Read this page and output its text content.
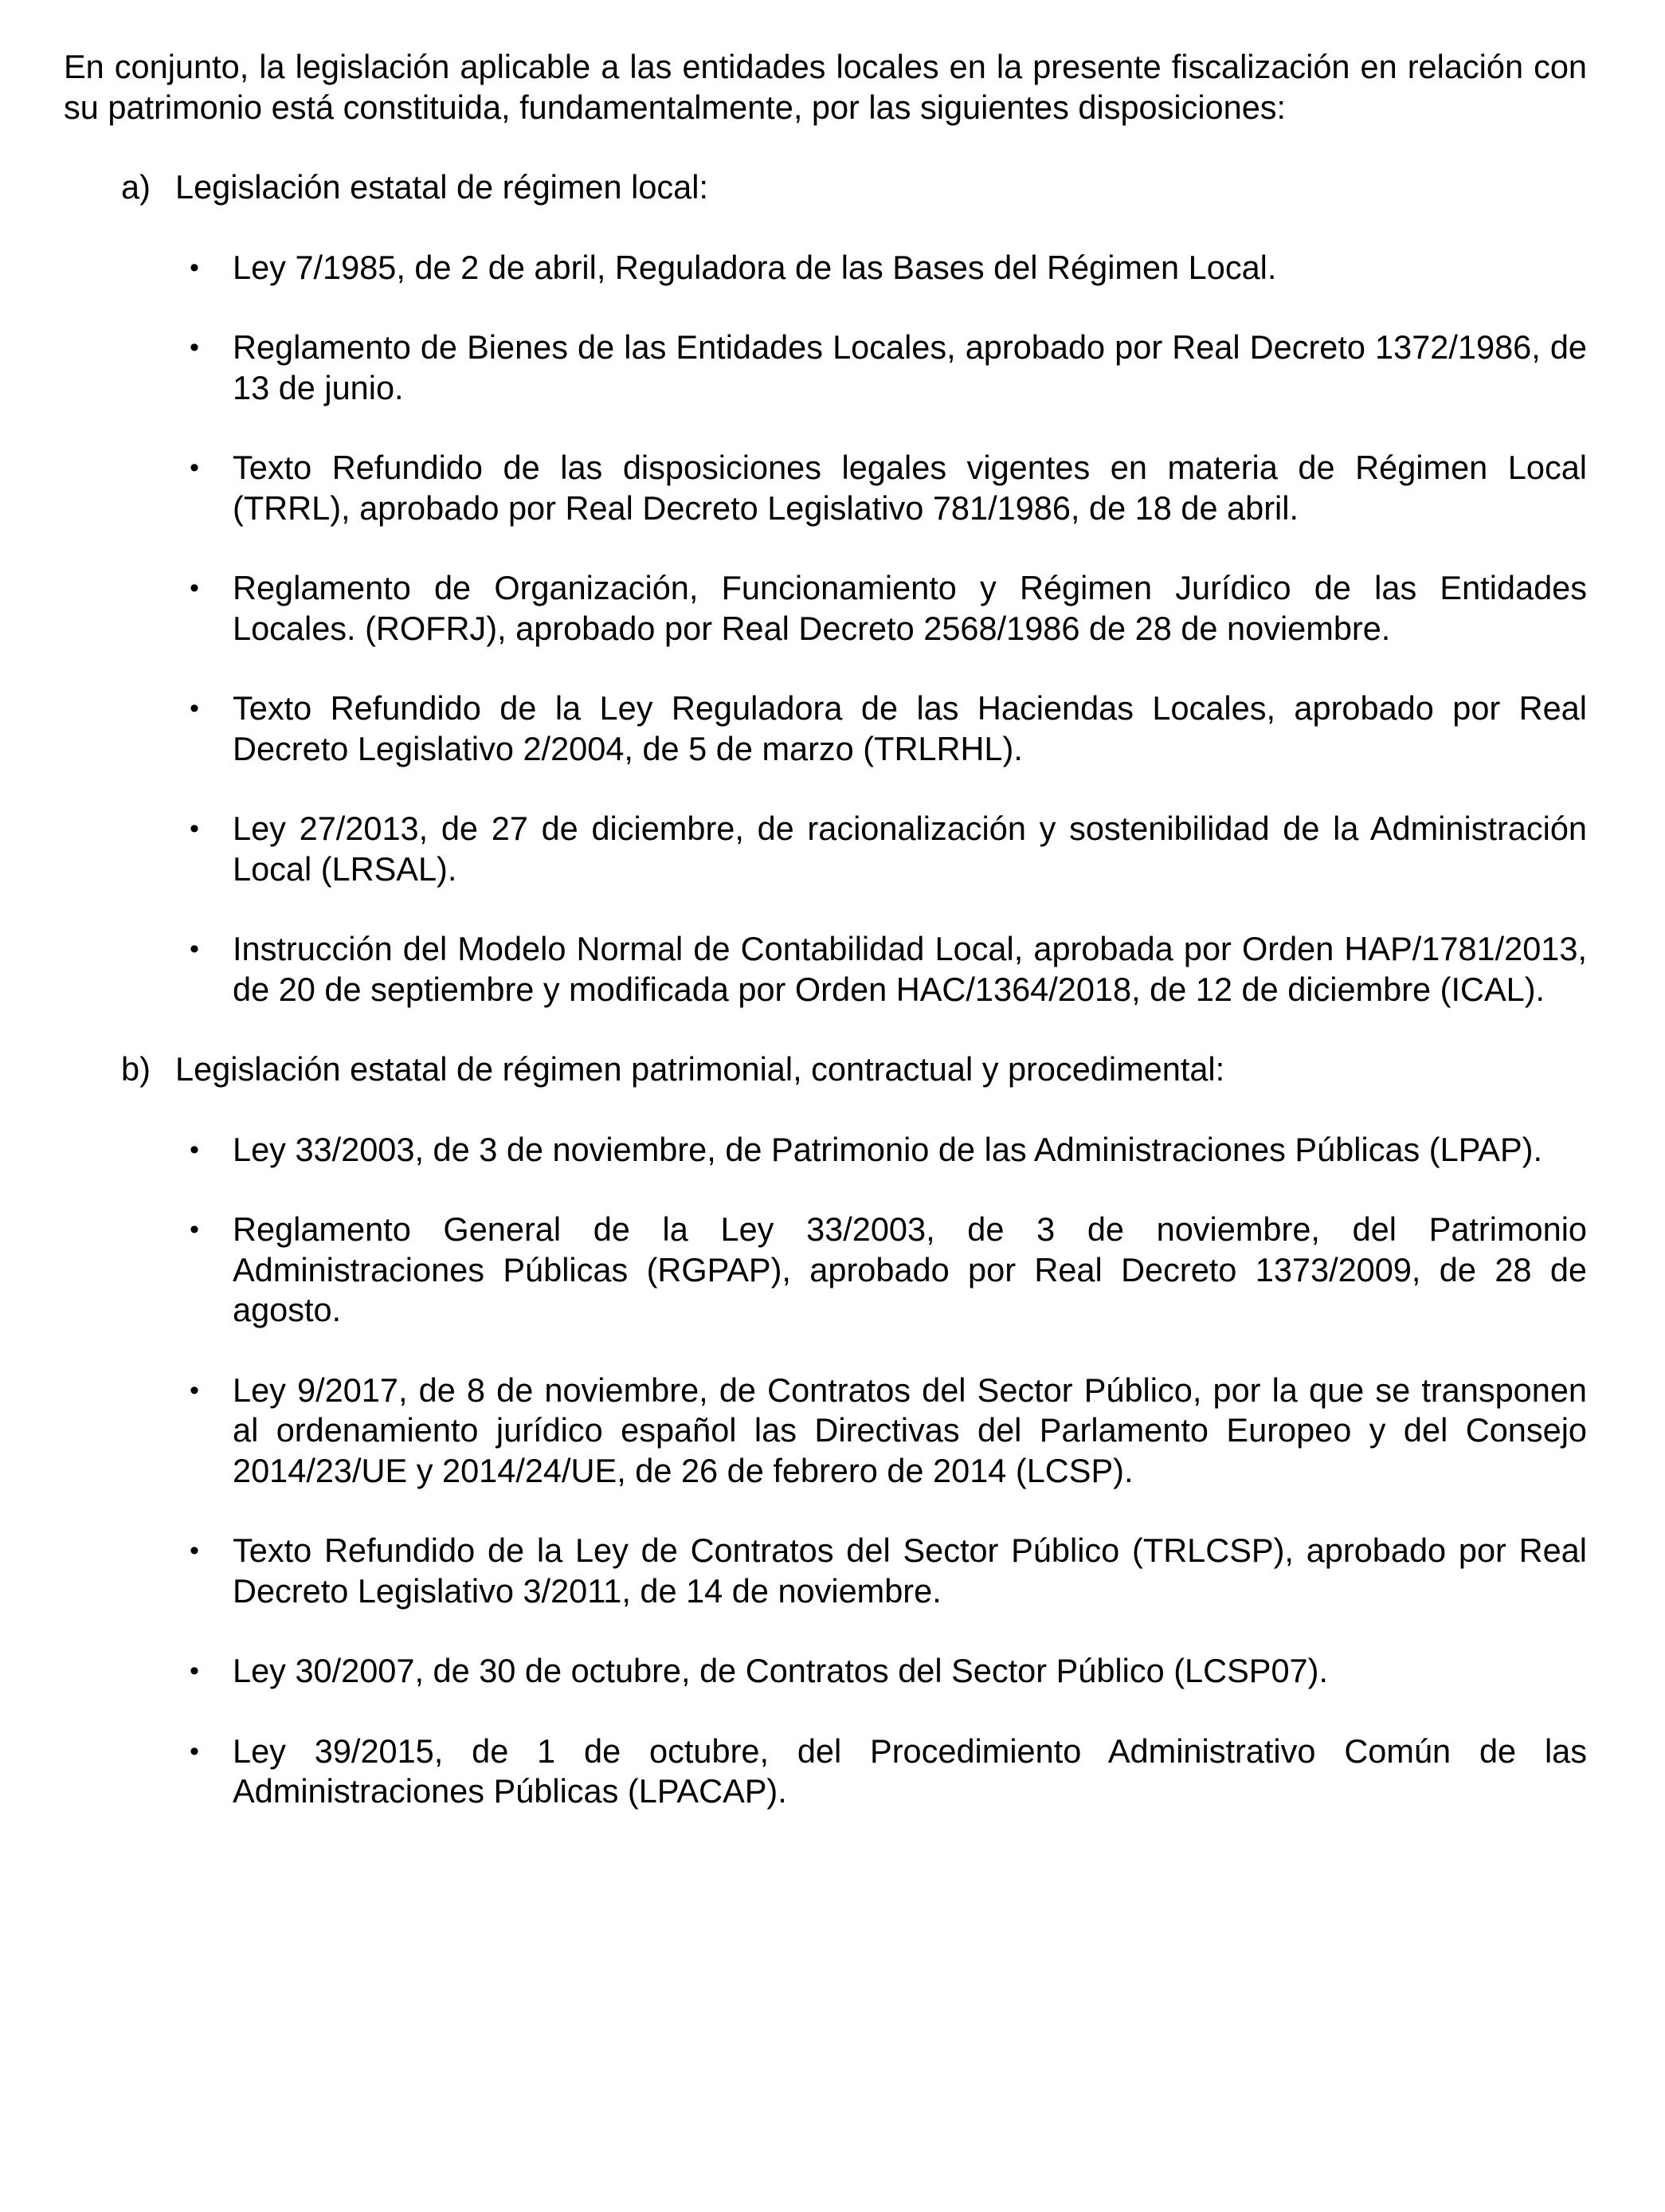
En conjunto, la legislación aplicable a las entidades locales en la presente fiscalización en relación con su patrimonio está constituida, fundamentalmente, por las siguientes disposiciones:

a) Legislación estatal de régimen local:

• Ley 7/1985, de 2 de abril, Reguladora de las Bases del Régimen Local.
• Reglamento de Bienes de las Entidades Locales, aprobado por Real Decreto 1372/1986, de 13 de junio.
• Texto Refundido de las disposiciones legales vigentes en materia de Régimen Local (TRRL), aprobado por Real Decreto Legislativo 781/1986, de 18 de abril.
• Reglamento de Organización, Funcionamiento y Régimen Jurídico de las Entidades Locales. (ROFRJ), aprobado por Real Decreto 2568/1986 de 28 de noviembre.
• Texto Refundido de la Ley Reguladora de las Haciendas Locales, aprobado por Real Decreto Legislativo 2/2004, de 5 de marzo (TRLRHL).
• Ley 27/2013, de 27 de diciembre, de racionalización y sostenibilidad de la Administración Local (LRSAL).
• Instrucción del Modelo Normal de Contabilidad Local, aprobada por Orden HAP/1781/2013, de 20 de septiembre y modificada por Orden HAC/1364/2018, de 12 de diciembre (ICAL).
b) Legislación estatal de régimen patrimonial, contractual y procedimental:

• Ley 33/2003, de 3 de noviembre, de Patrimonio de las Administraciones Públicas (LPAP).
• Reglamento General de la Ley 33/2003, de 3 de noviembre, del Patrimonio Administraciones Públicas (RGPAP), aprobado por Real Decreto 1373/2009, de 28 de agosto.
• Ley 9/2017, de 8 de noviembre, de Contratos del Sector Público, por la que se transponen al ordenamiento jurídico español las Directivas del Parlamento Europeo y del Consejo 2014/23/UE y 2014/24/UE, de 26 de febrero de 2014 (LCSP).
• Texto Refundido de la Ley de Contratos del Sector Público (TRLCSP), aprobado por Real Decreto Legislativo 3/2011, de 14 de noviembre.
• Ley 30/2007, de 30 de octubre, de Contratos del Sector Público (LCSP07).
• Ley 39/2015, de 1 de octubre, del Procedimiento Administrativo Común de las Administraciones Públicas (LPACAP).
